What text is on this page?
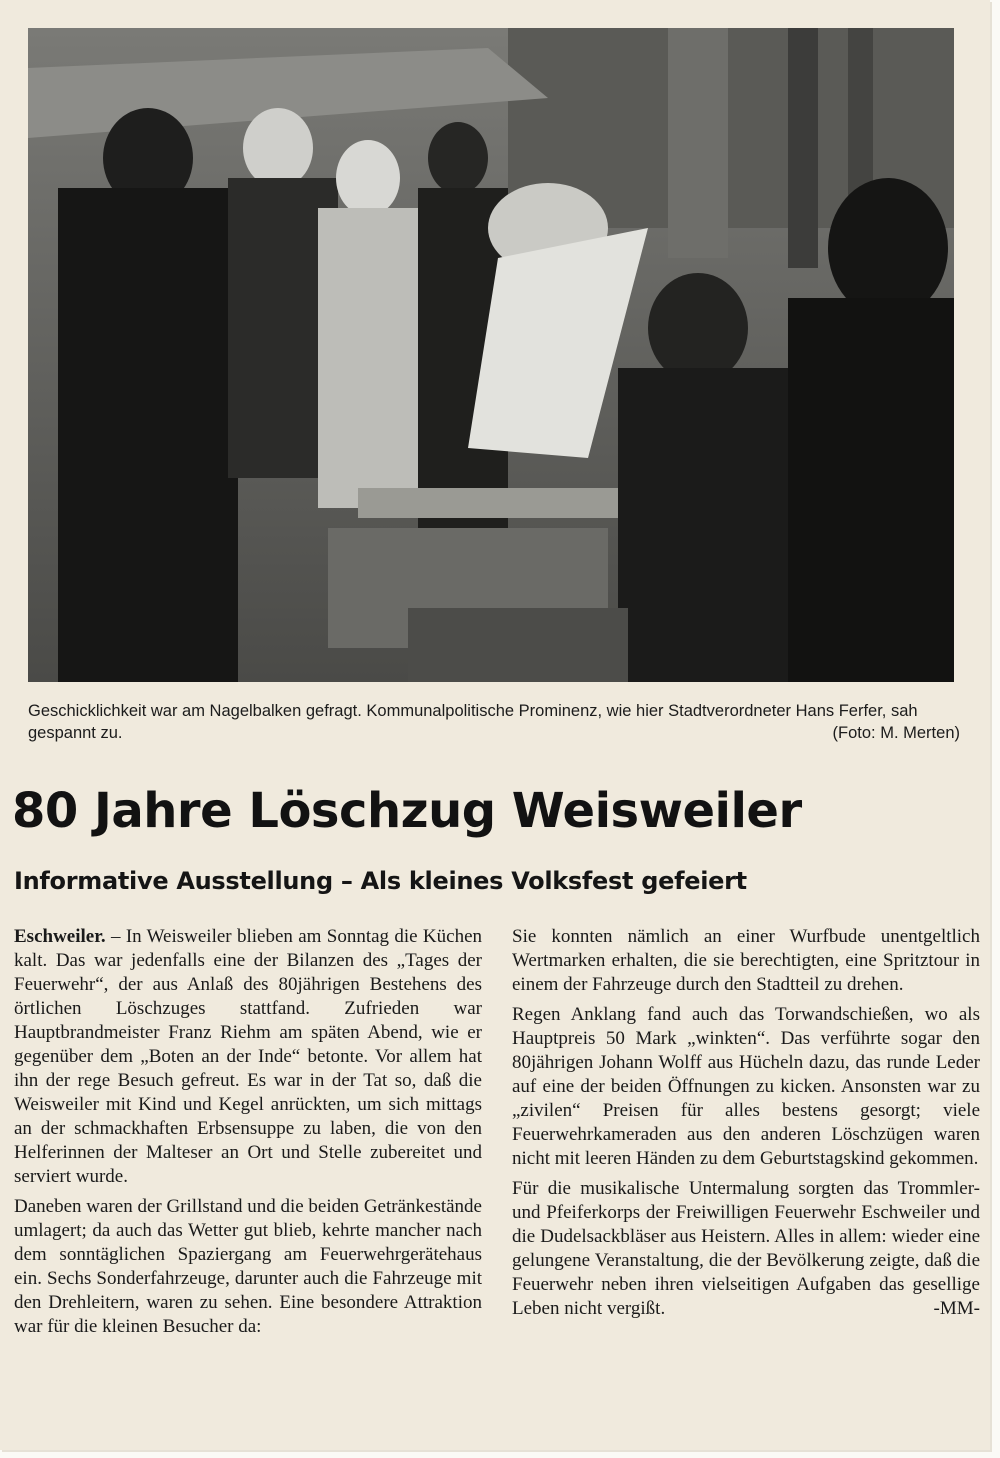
Geschicklichkeit war am Nagelbalken gefragt. Kommunalpolitische Prominenz, wie hier Stadtverordneter Hans Ferfer, sah gespannt zu.	(Foto: M. Merten)
80 Jahre Löschzug Weisweiler
Informative Ausstellung – Als kleines Volksfest gefeiert

Eschweiler. – In Weisweiler blieben am Sonntag die Küchen kalt. Das war jedenfalls eine der Bilanzen des „Tages der Feuerwehr“, der aus Anlaß des 80jährigen Bestehens des örtlichen Löschzuges stattfand. Zufrieden war Hauptbrandmeister Franz Riehm am späten Abend, wie er gegenüber dem „Boten an der Inde“ betonte. Vor allem hat ihn der rege Besuch gefreut. Es war in der Tat so, daß die Weisweiler mit Kind und Kegel anrückten, um sich mittags an der schmackhaften Erbsensuppe zu laben, die von den Helferinnen der Malteser an Ort und Stelle zubereitet und serviert wurde.

Daneben waren der Grillstand und die beiden Getränkestände umlagert; da auch das Wetter gut blieb, kehrte mancher nach dem sonntäglichen Spaziergang am Feuerwehrgerätehaus ein. Sechs Sonderfahrzeuge, darunter auch die Fahrzeuge mit den Drehleitern, waren zu sehen. Eine besondere Attraktion war für die kleinen Besucher da:

Sie konnten nämlich an einer Wurfbude unentgeltlich Wertmarken erhalten, die sie berechtigten, eine Spritztour in einem der Fahrzeuge durch den Stadtteil zu drehen.

Regen Anklang fand auch das Torwandschießen, wo als Hauptpreis 50 Mark „winkten“. Das verführte sogar den 80jährigen Johann Wolff aus Hücheln dazu, das runde Leder auf eine der beiden Öffnungen zu kicken. Ansonsten war zu „zivilen“ Preisen für alles bestens gesorgt; viele Feuerwehrkameraden aus den anderen Löschzügen waren nicht mit leeren Händen zu dem Geburtstagskind gekommen.

Für die musikalische Untermalung sorgten das Trommler- und Pfeiferkorps der Freiwilligen Feuerwehr Eschweiler und die Dudelsackbläser aus Heistern. Alles in allem: wieder eine gelungene Veranstaltung, die der Bevölkerung zeigte, daß die Feuerwehr neben ihren vielseitigen Aufgaben das gesellige Leben nicht vergißt.	-MM-
